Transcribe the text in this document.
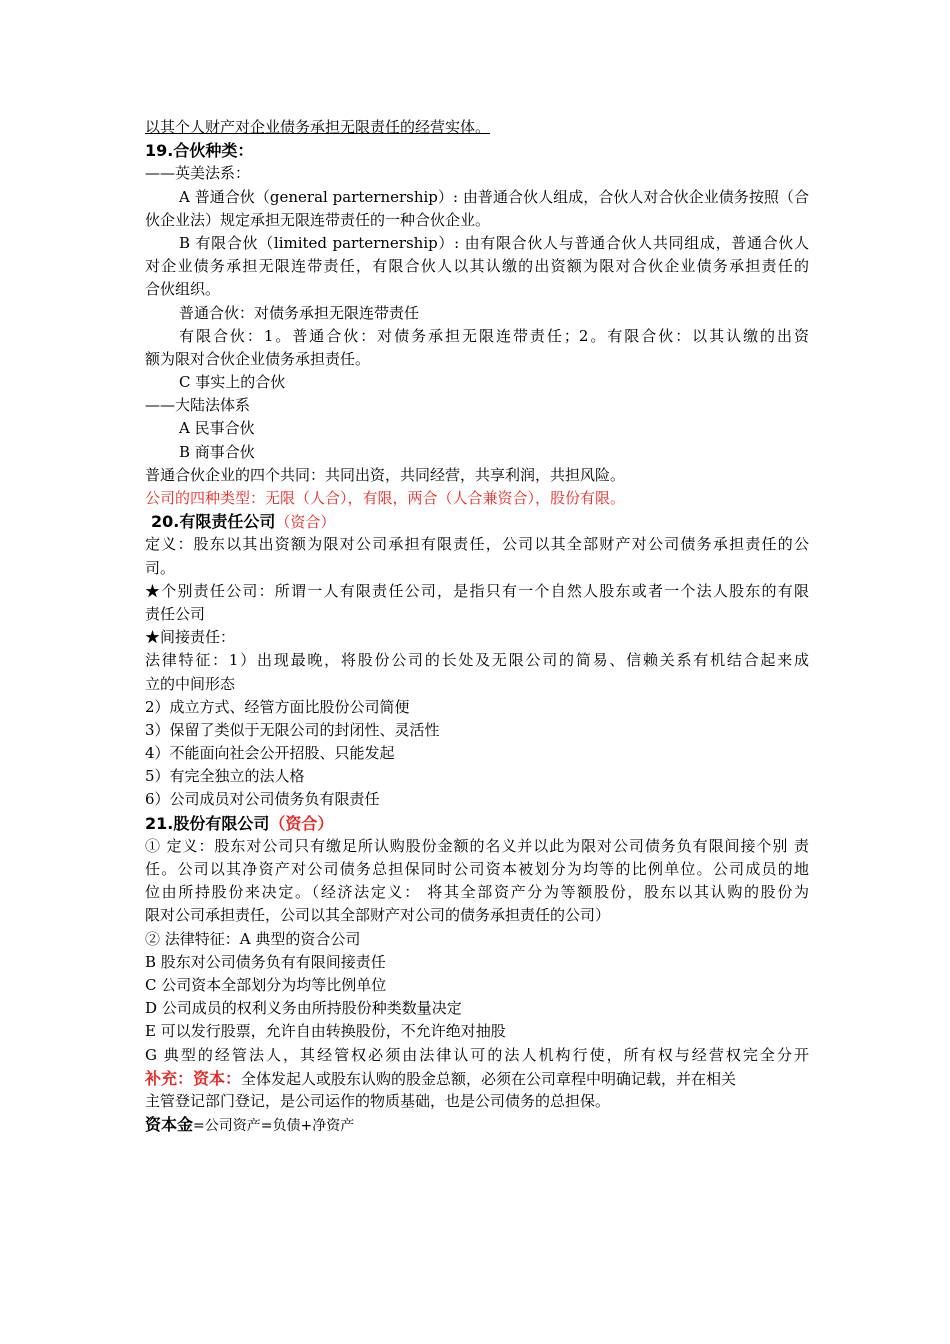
以其个人财产对企业债务承担无限责任的经营实体。
19.合伙种类：
——英美法系：
A 普通合伙（general parternership）: 由普通合伙人组成，合伙人对合伙企业债务按照（合
伙企业法）规定承担无限连带责任的一种合伙企业。
B 有限合伙（limited parternership）: 由有限合伙人与普通合伙人共同组成，普通合伙人
对企业债务承担无限连带责任，有限合伙人以其认缴的出资额为限对合伙企业债务承担责任的
合伙组织。
普通合伙：对债务承担无限连带责任
有限合伙：1。普通合伙：对债务承担无限连带责任；2。有限合伙：以其认缴的出资
额为限对合伙企业债务承担责任。
C 事实上的合伙
——大陆法体系
A 民事合伙
B 商事合伙
普通合伙企业的四个共同：共同出资，共同经营，共享利润，共担风险。
公司的四种类型：无限（人合），有限，两合（人合兼资合），股份有限。
20.有限责任公司（资合）
定义：股东以其出资额为限对公司承担有限责任，公司以其全部财产对公司债务承担责任的公
司。
★个别责任公司：所谓一人有限责任公司，是指只有一个自然人股东或者一个法人股东的有限
责任公司
★间接责任：
法律特征：1）出现最晚，将股份公司的长处及无限公司的简易、信赖关系有机结合起来成
立的中间形态
2）成立方式、经管方面比股份公司简便
3）保留了类似于无限公司的封闭性、灵活性
4）不能面向社会公开招股、只能发起
5）有完全独立的法人格
6）公司成员对公司债务负有限责任
21.股份有限公司（资合）
① 定义：股东对公司只有缴足所认购股份金额的名义并以此为限对公司债务负有限间接个别 责
任。公司以其净资产对公司债务总担保同时公司资本被划分为均等的比例单位。公司成员的地
位由所持股份来决定。（经济法定义： 将其全部资产分为等额股份，股东以其认购的股份为
限对公司承担责任，公司以其全部财产对公司的债务承担责任的公司）
② 法律特征：A 典型的资合公司
B 股东对公司债务负有有限间接责任
C 公司资本全部划分为均等比例单位
D 公司成员的权利义务由所持股份种类数量决定
E 可以发行股票，允许自由转换股份，不允许绝对抽股
G 典型的经管法人，其经管权必须由法律认可的法人机构行使，所有权与经营权完全分开
补充：资本：全体发起人或股东认购的股金总额，必须在公司章程中明确记载，并在相关
主管登记部门登记，是公司运作的物质基础，也是公司债务的总担保。
资本金=公司资产=负债+净资产
